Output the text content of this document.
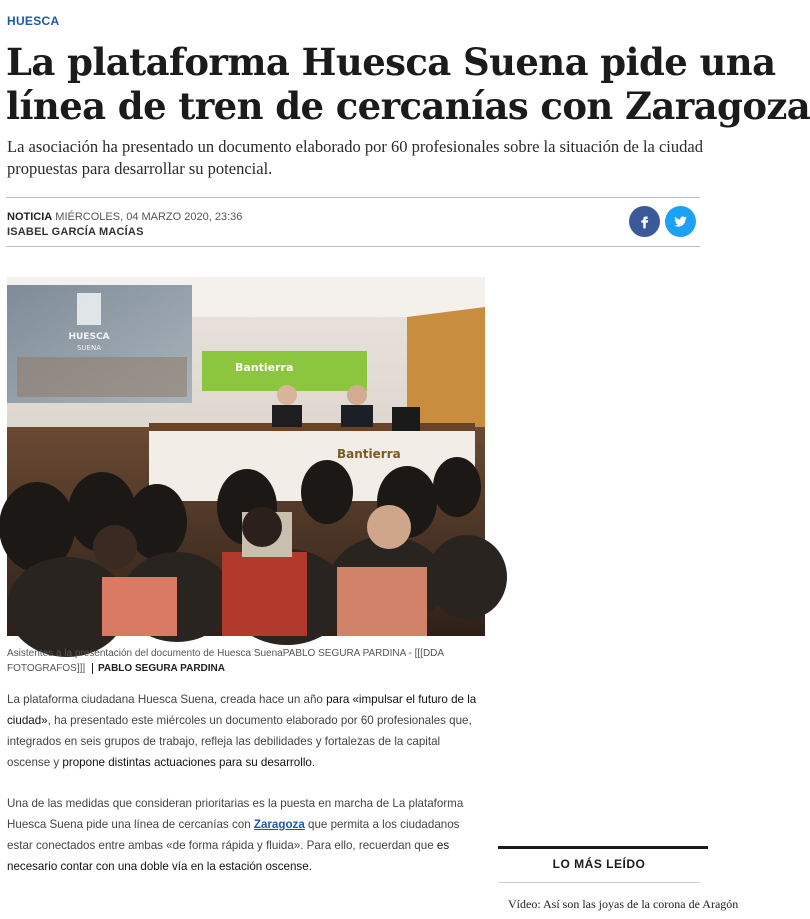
HUESCA
La plataforma Huesca Suena pide una
línea de tren de cercanías con Zaragoza

La asociación ha presentado un documento elaborado por 60 profesionales sobre la situación de la ciudad
propuestas para desarrollar su potencial.

NOTICIA MIÉRCOLES, 04 MARZO 2020, 23:36
ISABEL GARCÍA MACÍAS
HUESCA
SUENA
Bantierra
Bantierra
Asistentes a la presentación del documento de Huesca SuenaPABLO SEGURA PARDINA - [[[DDA FOTOGRAFOS]]] PABLO SEGURA PARDINA

La plataforma ciudadana Huesca Suena, creada hace un año para «impulsar el futuro de la ciudad», ha presentado este miércoles un documento elaborado por 60 profesionales que, integrados en seis grupos de trabajo, refleja las debilidades y fortalezas de la capital oscense y propone distintas actuaciones para su desarrollo.

Una de las medidas que consideran prioritarias es la puesta en marcha de La plataforma Huesca Suena pide una línea de cercanías con Zaragoza que permita a los ciudadanos estar conectados entre ambas «de forma rápida y fluida». Para ello, recuerdan que es necesario contar con una doble vía en la estación oscense.	LO MÁS LEÍDO
Vídeo: Así son las joyas de la corona de Aragón
